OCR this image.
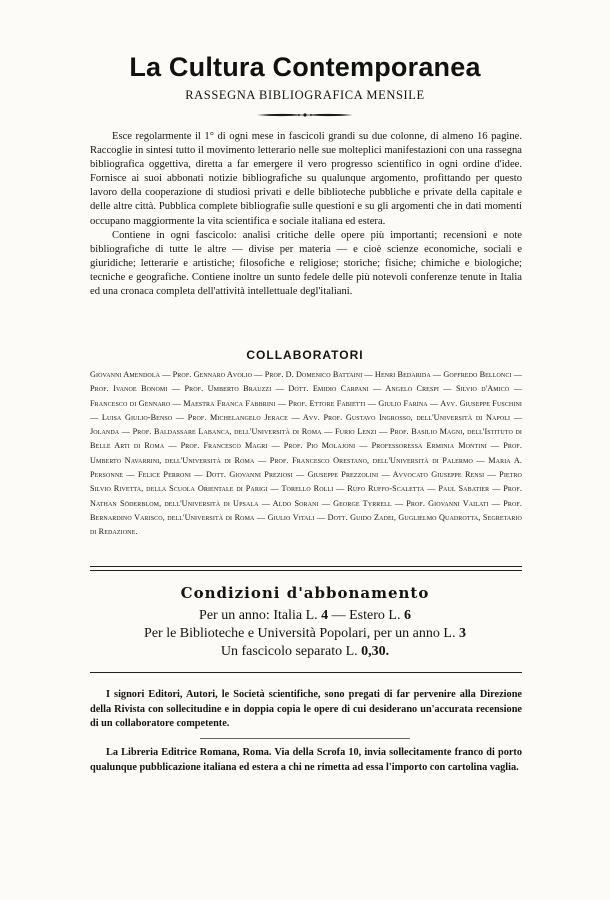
La Cultura Contemporanea
RASSEGNA BIBLIOGRAFICA MENSILE

Esce regolarmente il 1° di ogni mese in fascicoli grandi su due colonne, di almeno 16 pagine. Raccoglie in sintesi tutto il movimento letterario nelle sue molteplici manifestazioni con una rassegna bibliografica oggettiva, diretta a far emergere il vero progresso scientifico in ogni ordine d'idee. Fornisce ai suoi abbonati notizie bibliografiche su qualunque argomento, profittando per questo lavoro della cooperazione di studiosi privati e delle biblioteche pubbliche e private della capitale e delle altre città. Pubblica complete bibliografie sulle questioni e su gli argomenti che in dati momenti occupano maggiormente la vita scientifica e sociale italiana ed estera.

Contiene in ogni fascicolo: analisi critiche delle opere più importanti; recensioni e note bibliografiche di tutte le altre — divise per materia — e cioè scienze economiche, sociali e giuridiche; letterarie e artistiche; filosofiche e religiose; storiche; fisiche; chimiche e biologiche; tecniche e geografiche. Contiene inoltre un sunto fedele delle più notevoli conferenze tenute in Italia ed una cronaca completa dell'attività intellettuale degl'italiani.

COLLABORATORI
Giovanni Amendola — Prof. Gennaro Avolio — Prof. D. Domenico Battaini — Henri Bedarida — Goffredo Bellonci — Prof. Ivanoe Bonomi — Prof. Umberto Brauzzi — Dott. Emidio Carpani — Angelo Crespi — Silvio d'Amico — Francesco di Gennaro — Maestra Franca Fabbrini — Prof. Ettore Fabietti — Giulio Farina — Avv. Giuseppe Fuschini — Luisa Giulio-Benso — Prof. Michelangelo Jerace — Avv. Prof. Gustavo Ingrosso, dell'Università di Napoli — Jolanda — Prof. Baldassare Labanca, dell'Università di Roma — Furio Lenzi — Prof. Basilio Magni, dell'Istituto di Belle Arti di Roma — Prof. Francesco Magri — Prof. Pio Molajoni — Professoressa Erminia Montini — Prof. Umberto Navarrini, dell'Università di Roma — Prof. Francesco Orestano, dell'Università di Palermo — Maria A. Personne — Felice Perroni — Dott. Giovanni Preziosi — Giuseppe Prezzolini — Avvocato Giuseppe Rensi — Pietro Silvio Rivetta, della Scuola Orientale di Parigi — Torello Rolli — Rufo Ruffo-Scaletta — Paul Sabatier — Prof. Nathan Söderblom, dell'Università di Upsala — Aldo Sorani — George Tyrrell — Prof. Giovanni Vailati — Prof. Bernardino Varisco, dell'Università di Roma — Giulio Vitali — Dott. Guido Zadei, Guglielmo Quadrotta, Segretario di Redazione.
Condizioni d'abbonamento
Per un anno: Italia L. 4 — Estero L. 6
Per le Biblioteche e Università Popolari, per un anno L. 3
Un fascicolo separato L. 0,30.

I signori Editori, Autori, le Società scientifiche, sono pregati di far pervenire alla Direzione della Rivista con sollecitudine e in doppia copia le opere di cui desiderano un'accurata recensione di un collaboratore competente.

La Libreria Editrice Romana, Roma. Via della Scrofa 10, invia sollecitamente franco di porto qualunque pubblicazione italiana ed estera a chi ne rimetta ad essa l'importo con cartolina vaglia.
